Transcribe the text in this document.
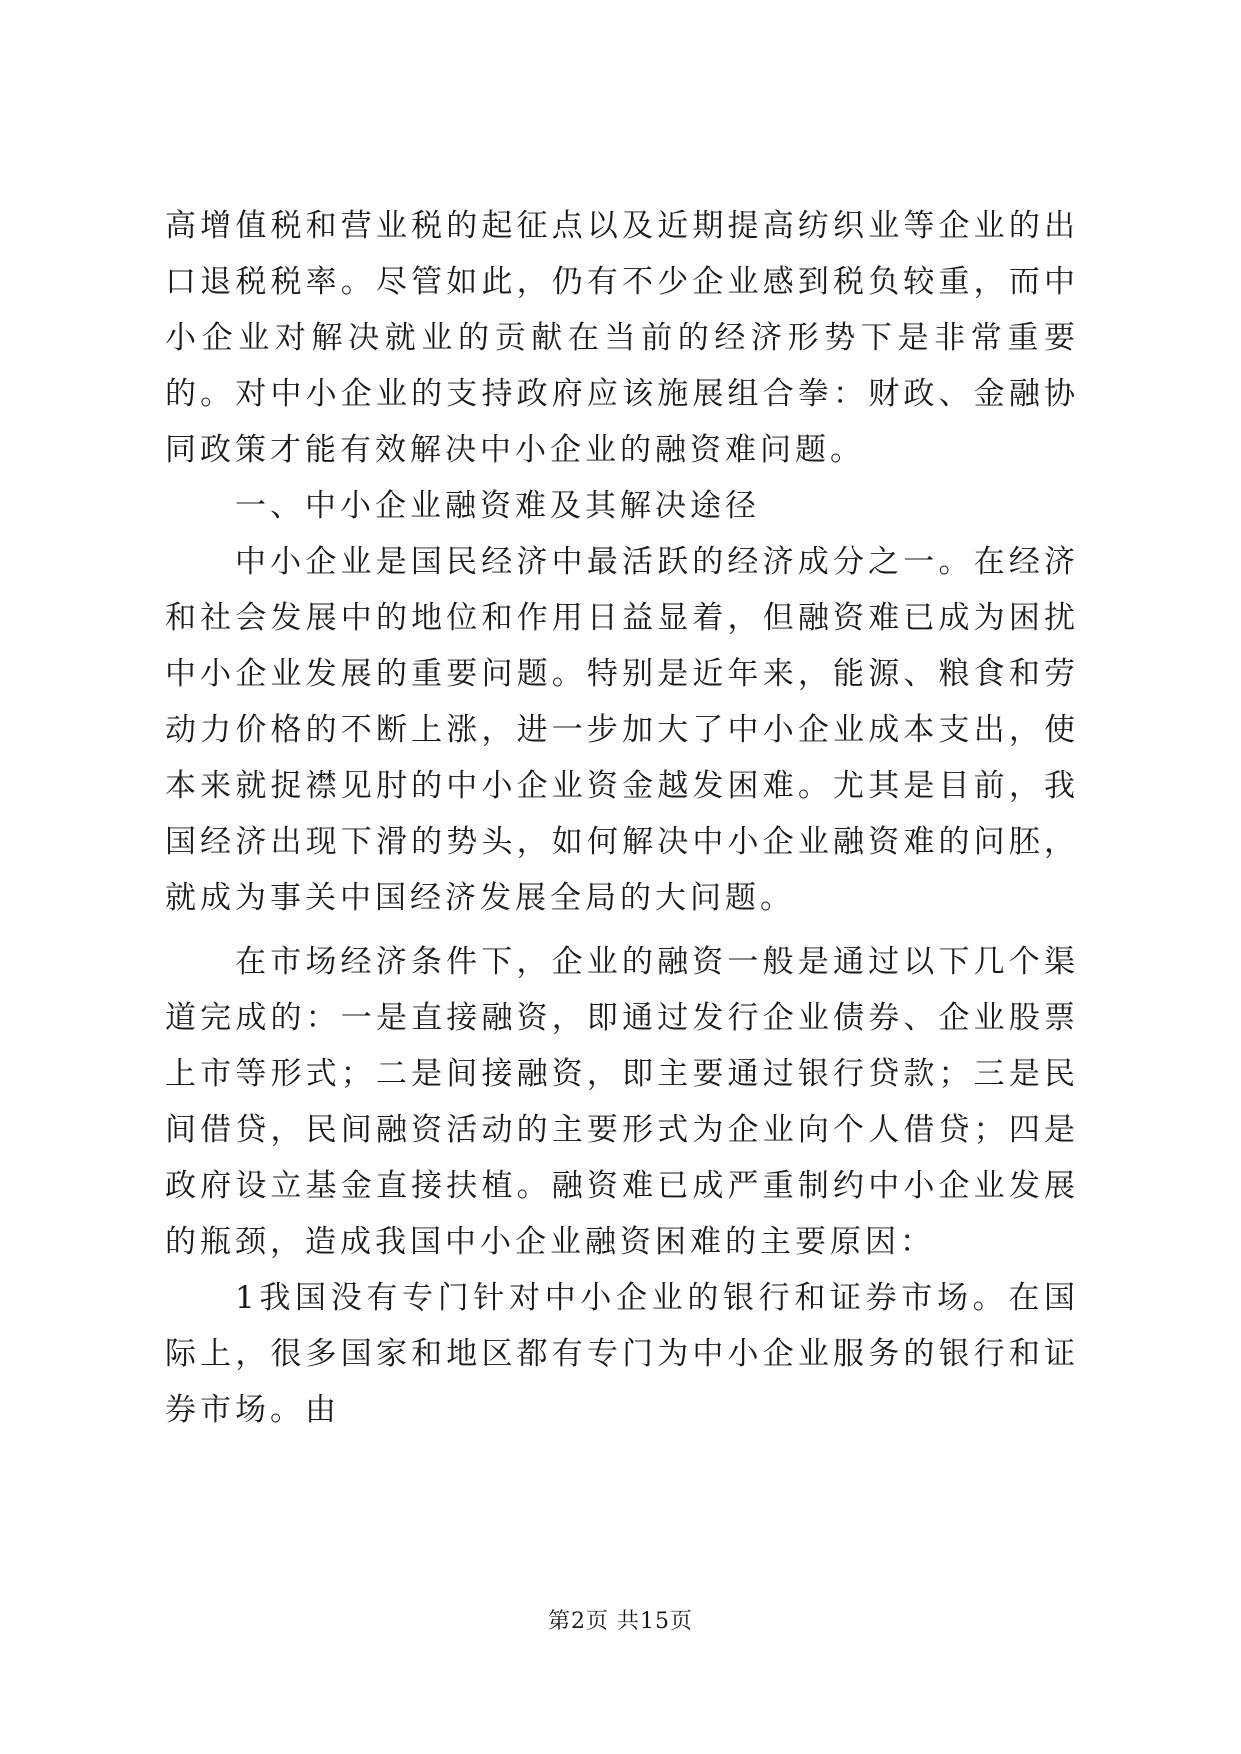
高增值税和营业税的起征点以及近期提高纺织业等企业的出口退税税率。尽管如此，仍有不少企业感到税负较重，而中小企业对解决就业的贡献在当前的经济形势下是非常重要的。对中小企业的支持政府应该施展组合拳：财政、金融协同政策才能有效解决中小企业的融资难问题。

一、中小企业融资难及其解决途径

中小企业是国民经济中最活跃的经济成分之一。在经济和社会发展中的地位和作用日益显着，但融资难已成为困扰中小企业发展的重要问题。特别是近年来，能源、粮食和劳动力价格的不断上涨，进一步加大了中小企业成本支出，使本来就捉襟见肘的中小企业资金越发困难。尤其是目前，我国经济出现下滑的势头，如何解决中小企业融资难的问胚，就成为事关中国经济发展全局的大问题。

在市场经济条件下，企业的融资一般是通过以下几个渠道完成的：一是直接融资，即通过发行企业债券、企业股票上市等形式；二是间接融资，即主要通过银行贷款；三是民间借贷，民间融资活动的主要形式为企业向个人借贷；四是政府设立基金直接扶植。融资难已成严重制约中小企业发展的瓶颈，造成我国中小企业融资困难的主要原因：

1我国没有专门针对中小企业的银行和证券市场。在国际上，很多国家和地区都有专门为中小企业服务的银行和证券市场。由

第2页 共15页
